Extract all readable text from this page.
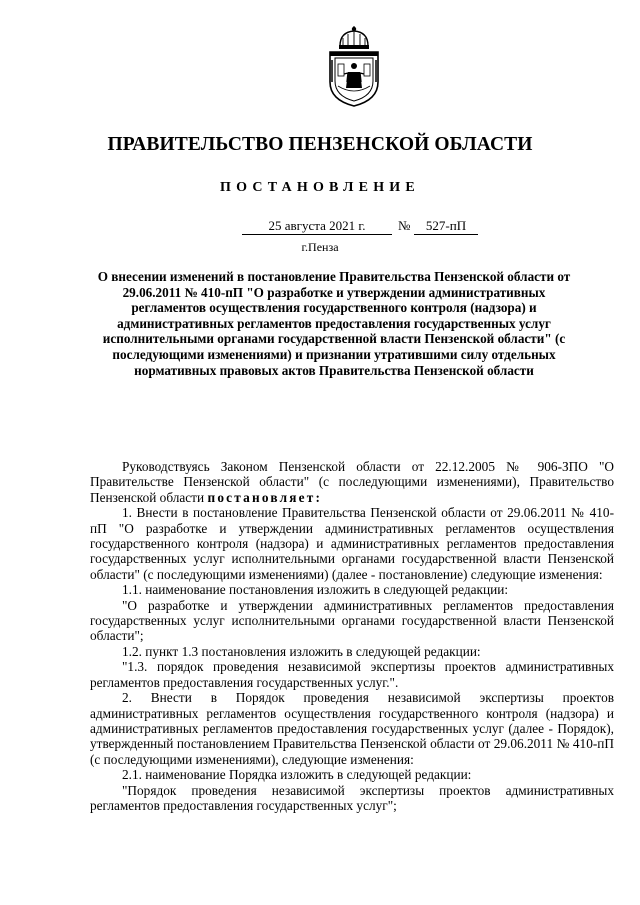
ПРАВИТЕЛЬСТВО ПЕНЗЕНСКОЙ ОБЛАСТИ
ПОСТАНОВЛЕНИЕ
25 августа 2021 г.	№	527-пП
г.Пенза
О внесении изменений в постановление Правительства Пензенской области от 29.06.2011 № 410-пП "О разработке и утверждении административных регламентов осуществления государственного контроля (надзора) и административных регламентов предоставления государственных услуг исполнительными органами государственной власти Пензенской области" (с последующими изменениями) и признании утратившими силу отдельных нормативных правовых актов Правительства Пензенской области

Руководствуясь Законом Пензенской области от 22.12.2005 № 906-ЗПО "О Правительстве Пензенской области" (с последующими изменениями), Правительство Пензенской области постановляет:

1. Внести в постановление Правительства Пензенской области от 29.06.2011 № 410-пП "О разработке и утверждении административных регламентов осуществления государственного контроля (надзора) и административных регламентов предоставления государственных услуг исполнительными органами государственной власти Пензенской области" (с последующими изменениями) (далее - постановление) следующие изменения:

1.1. наименование постановления изложить в следующей редакции:

"О разработке и утверждении административных регламентов предоставления государственных услуг исполнительными органами государственной власти Пензенской области";

1.2. пункт 1.3 постановления изложить в следующей редакции:

"1.3. порядок проведения независимой экспертизы проектов административных регламентов предоставления государственных услуг.".

2. Внести в Порядок проведения независимой экспертизы проектов административных регламентов осуществления государственного контроля (надзора) и административных регламентов предоставления государственных услуг (далее - Порядок), утвержденный постановлением Правительства Пензенской области от 29.06.2011 № 410-пП (с последующими изменениями), следующие изменения:

2.1. наименование Порядка изложить в следующей редакции:

"Порядок проведения независимой экспертизы проектов административных регламентов предоставления государственных услуг";
